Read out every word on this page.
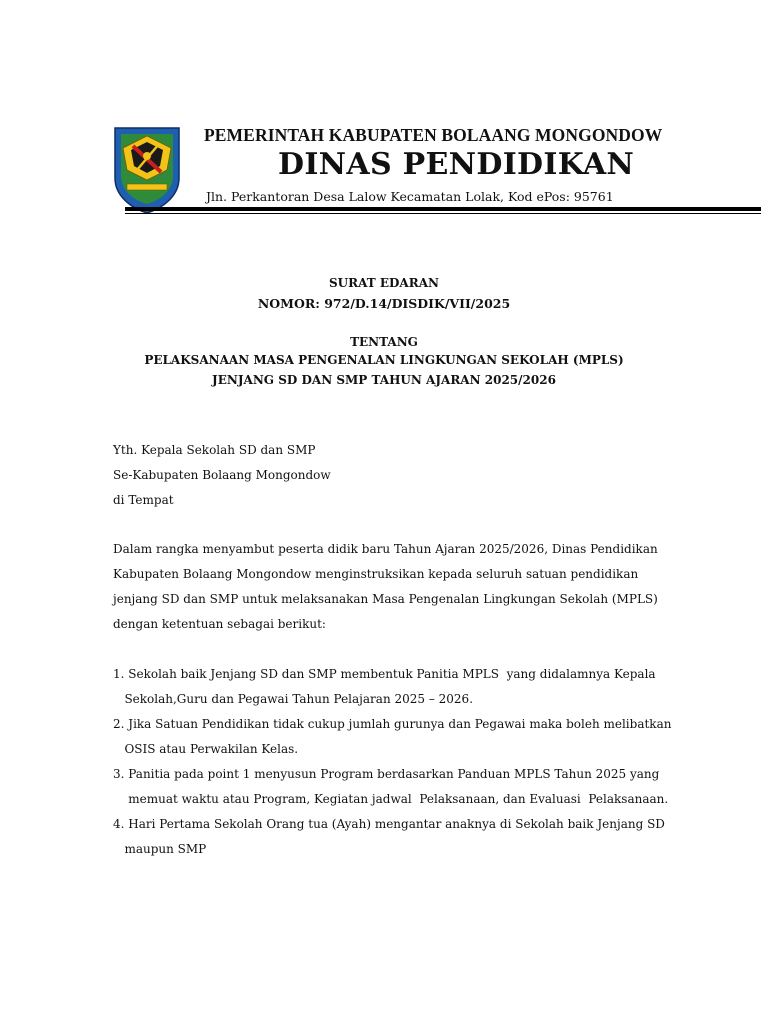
PEMERINTAH KABUPATEN BOLAANG MONGONDOW
DINAS PENDIDIKAN
Jln. Perkantoran Desa Lalow Kecamatan Lolak, Kod ePos: 95761
SURAT EDARAN
NOMOR: 972/D.14/DISDIK/VII/2025
TENTANG
PELAKSANAAN MASA PENGENALAN LINGKUNGAN SEKOLAH (MPLS)
JENJANG SD DAN SMP TAHUN AJARAN 2025/2026
Yth. Kepala Sekolah SD dan SMP
Se-Kabupaten Bolaang Mongondow
di Tempat
Dalam rangka menyambut peserta didik baru Tahun Ajaran 2025/2026, Dinas Pendidikan
Kabupaten Bolaang Mongondow menginstruksikan kepada seluruh satuan pendidikan
jenjang SD dan SMP untuk melaksanakan Masa Pengenalan Lingkungan Sekolah (MPLS)
dengan ketentuan sebagai berikut:
1. Sekolah baik Jenjang SD dan SMP membentuk Panitia MPLS  yang didalamnya Kepala
Sekolah,Guru dan Pegawai Tahun Pelajaran 2025 – 2026.
2. Jika Satuan Pendidikan tidak cukup jumlah gurunya dan Pegawai maka boleh melibatkan
OSIS atau Perwakilan Kelas.
3. Panitia pada point 1 menyusun Program berdasarkan Panduan MPLS Tahun 2025 yang
memuat waktu atau Program, Kegiatan jadwal  Pelaksanaan, dan Evaluasi  Pelaksanaan.
4. Hari Pertama Sekolah Orang tua (Ayah) mengantar anaknya di Sekolah baik Jenjang SD
maupun SMP
